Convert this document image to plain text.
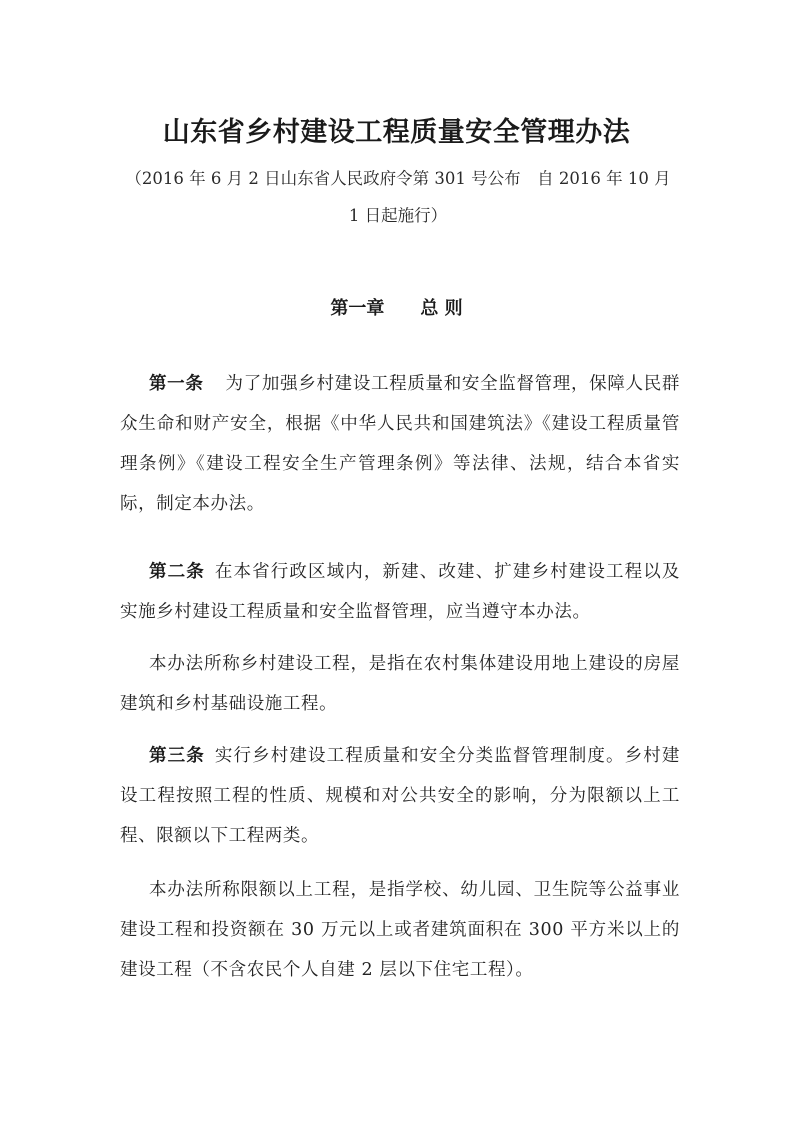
山东省乡村建设工程质量安全管理办法
（2016 年 6 月 2 日山东省人民政府令第 301 号公布　自 2016 年 10 月 1 日起施行）
第一章　　总 则

第一条 为了加强乡村建设工程质量和安全监督管理，保障人民群众生命和财产安全，根据《中华人民共和国建筑法》《建设工程质量管理条例》《建设工程安全生产管理条例》等法律、法规，结合本省实际，制定本办法。

第二条 在本省行政区域内，新建、改建、扩建乡村建设工程以及实施乡村建设工程质量和安全监督管理，应当遵守本办法。

本办法所称乡村建设工程，是指在农村集体建设用地上建设的房屋建筑和乡村基础设施工程。

第三条 实行乡村建设工程质量和安全分类监督管理制度。乡村建设工程按照工程的性质、规模和对公共安全的影响，分为限额以上工程、限额以下工程两类。

本办法所称限额以上工程，是指学校、幼儿园、卫生院等公益事业建设工程和投资额在 30 万元以上或者建筑面积在 300 平方米以上的建设工程（不含农民个人自建 2 层以下住宅工程）。
